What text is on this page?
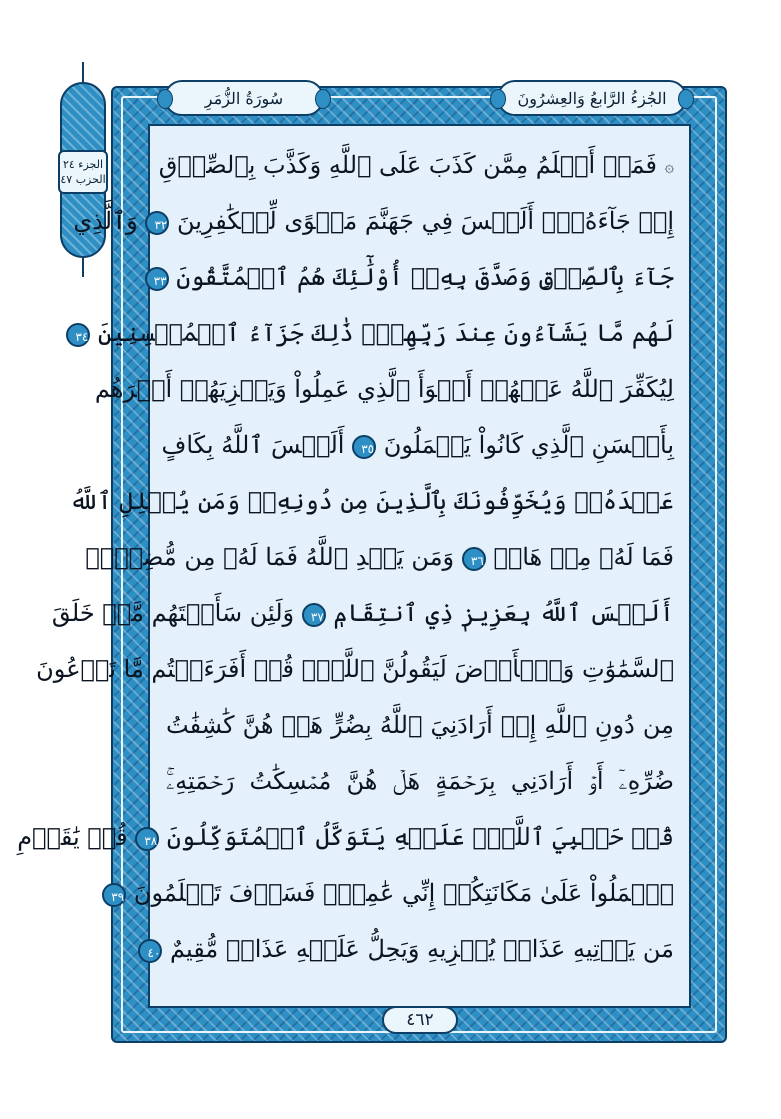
الجزء ٢٤
الحزب ٤٧
الجُزءُ الرَّابعُ وَالعِشرُونَ
سُورَةُ الزُّمَرِ
۞ فَمَنۡ أَظۡلَمُ مِمَّن كَذَبَ عَلَى ٱللَّهِ وَكَذَّبَ بِٱلصِّدۡقِ
إِذۡ جَآءَهُۥٓۚ أَلَيۡسَ فِي جَهَنَّمَ مَثۡوًى لِّلۡكَٰفِرِينَ ٣٢ وَٱلَّذِي
جَآءَ بِٱلصِّدۡقِ وَصَدَّقَ بِهِۦٓ أُوْلَٰٓئِكَ هُمُ ٱلۡمُتَّقُونَ ٣٣
لَهُم مَّا يَشَآءُونَ عِندَ رَبِّهِمۡۚ ذَٰلِكَ جَزَآءُ ٱلۡمُحۡسِنِينَ ٣٤
لِيُكَفِّرَ ٱللَّهُ عَنۡهُمۡ أَسۡوَأَ ٱلَّذِي عَمِلُواْ وَيَجۡزِيَهُمۡ أَجۡرَهُم
بِأَحۡسَنِ ٱلَّذِي كَانُواْ يَعۡمَلُونَ ٣٥ أَلَيۡسَ ٱللَّهُ بِكَافٍ
عَبۡدَهُۥۖ وَيُخَوِّفُونَكَ بِٱلَّذِينَ مِن دُونِهِۦۚ وَمَن يُضۡلِلِ ٱللَّهُ
فَمَا لَهُۥ مِنۡ هَادٖ ٣٦ وَمَن يَهۡدِ ٱللَّهُ فَمَا لَهُۥ مِن مُّضِلٍّۗ
أَلَيۡسَ ٱللَّهُ بِعَزِيزٖ ذِي ٱنتِقَامٖ ٣٧ وَلَئِن سَأَلۡتَهُم مَّنۡ خَلَقَ
ٱلسَّمَٰوَٰتِ وَٱلۡأَرۡضَ لَيَقُولُنَّ ٱللَّهُۚ قُلۡ أَفَرَءَيۡتُم مَّا تَدۡعُونَ
مِن دُونِ ٱللَّهِ إِنۡ أَرَادَنِيَ ٱللَّهُ بِضُرٍّ هَلۡ هُنَّ كَٰشِفَٰتُ
ضُرِّهِۦٓ أَوۡ أَرَادَنِي بِرَحۡمَةٍ هَلۡ هُنَّ مُمۡسِكَٰتُ رَحۡمَتِهِۦۚ
قُلۡ حَسۡبِيَ ٱللَّهُۖ عَلَيۡهِ يَتَوَكَّلُ ٱلۡمُتَوَكِّلُونَ ٣٨ قُلۡ يَٰقَوۡمِ
ٱعۡمَلُواْ عَلَىٰ مَكَانَتِكُمۡ إِنِّي عَٰمِلٞۖ فَسَوۡفَ تَعۡلَمُونَ ٣٩
مَن يَأۡتِيهِ عَذَابٞ يُخۡزِيهِ وَيَحِلُّ عَلَيۡهِ عَذَابٞ مُّقِيمٌ ٤٠
٤٦٢
